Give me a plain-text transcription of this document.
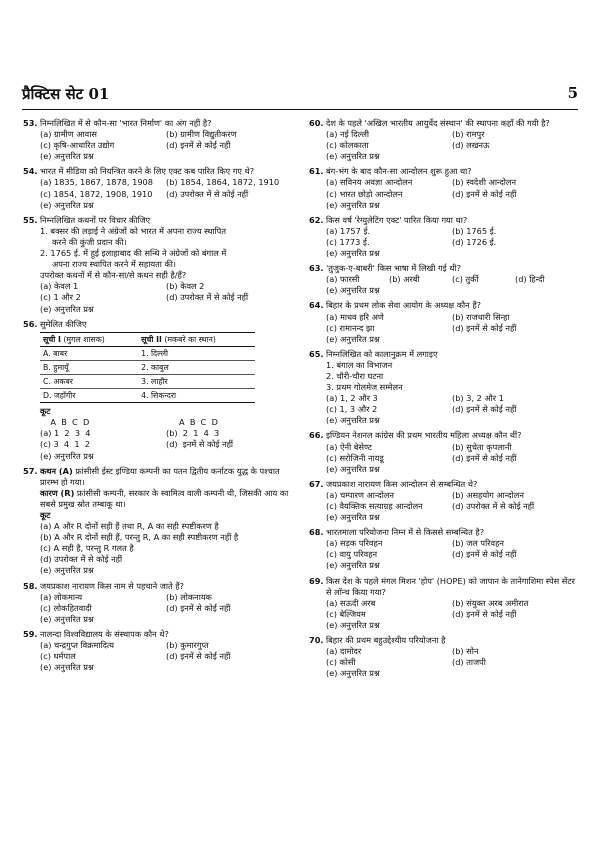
प्रैक्टिस सेट 01	5
53. निम्नलिखित में से कौन-सा 'भारत निर्माण' का अंग नहीं है?
(a) ग्रामीण आवास	(b) ग्रामीण विद्युतीकरण
(c) कृषि-आधारित उद्योग	(d) इनमें से कोई नहीं
(e) अनुत्तरित प्रश्न
54. भारत में मीडिया को नियन्त्रित करने के लिए एक्ट कब पारित किए गए थे?
(a) 1835, 1867, 1878, 1908	(b) 1854, 1864, 1872, 1910
(c) 1854, 1872, 1908, 1910	(d) उपरोक्त में से कोई नहीं
(e) अनुत्तरित प्रश्न
55. निम्नलिखित कथनों पर विचार कीजिए
1. बक्सर की लड़ाई ने अंग्रेजों को भारत में अपना राज्य स्थापित
करने की कुंजी प्रदान की।
2. 1765 ई. में हुई इलाहाबाद की सन्धि ने अंग्रेजों को बंगाल में
अपना राज्य स्थापित करने में सहायता की।
उपरोक्त कथनों में से कौन-सा/से कथन सही है/हैं?
(a) केवल 1	(b) केवल 2
(c) 1 और 2	(d) उपरोक्त में से कोई नहीं
(e) अनुत्तरित प्रश्न
56. सुमेलित कीजिए
सूची I (मुगल शासक)	सूची II (मकबरे का स्थान)
A. बाबर	1. दिल्ली
B. हुमायूँ	2. काबुल
C. अकबर	3. लाहौर
D. जहाँगीर	4. सिकन्दरा
कूट
A  B  C  D	A  B  C  D
(a) 1  2  3  4	(b)  2  1  4  3
(c) 3  4  1  2	(d)  इनमें से कोई नहीं
(e) अनुत्तरित प्रश्न
57. कथन (A) फ्रांसीसी ईस्ट इण्डिया कम्पनी का पतन द्वितीय कर्नाटक युद्ध के पश्चात प्रारम्भ हो गया।
कारण (R) फ्रांसीसी कम्पनी, सरकार के स्वामित्व वाली कम्पनी थी, जिसकी आय का सबसे प्रमुख स्रोत तम्बाकू था।
कूट
(a) A और R दोनों सही हैं तथा R, A का सही स्पष्टीकरण है
(b) A और R दोनों सही हैं, परन्तु R, A का सही स्पष्टीकरण नहीं है
(c) A सही है, परन्तु R गलत है
(d) उपरोक्त में से कोई नहीं
(e) अनुत्तरित प्रश्न
58. जयप्रकाश नारायण किस नाम से पहचाने जाते हैं?
(a) लोकमान्य	(b) लोकनायक
(c) लोकहितवादी	(d) इनमें से कोई नहीं
(e) अनुत्तरित प्रश्न
59. नालन्दा विश्वविद्यालय के संस्थापक कौन थे?
(a) चन्द्रगुप्त विक्रमादित्य	(b) कुमारगुप्त
(c) धर्मपाल	(d) इनमें से कोई नहीं
(e) अनुत्तरित प्रश्न
60. देश के पहले 'अखिल भारतीय आयुर्वेद संस्थान' की स्थापना कहाँ की गयी है?
(a) नई दिल्ली	(b) रामपुर
(c) कोलकाता	(d) लखनऊ
(e) अनुत्तरित प्रश्न
61. बंग-भंग के बाद कौन-सा आन्दोलन शुरू हुआ था?
(a) सविनय अवज्ञा आन्दोलन	(b) स्वदेशी आन्दोलन
(c) भारत छोड़ो आन्दोलन	(d) इनमें से कोई नहीं
(e) अनुत्तरित प्रश्न
62. किस वर्ष 'रेग्युलेटिंग एक्ट' पारित किया गया था?
(a) 1757 ई.	(b) 1765 ई.
(c) 1773 ई.	(d) 1726 ई.
(e) अनुत्तरित प्रश्न
63. 'तुजुक-ए-बाबरी' किस भाषा में लिखी गई थी?
(a) फारसी	(b) अरबी	(c) तुर्की	(d) हिन्दी
(e) अनुत्तरित प्रश्न
64. बिहार के प्रथम लोक सेवा आयोग के अध्यक्ष कौन हैं?
(a) माधव हरि अणे	(b) राजधारी सिन्हा
(c) रामानन्द झा	(d) इनमें से कोई नहीं
(e) अनुत्तरित प्रश्न
65. निम्नलिखित को कालानुक्रम में लगाइए
1. बंगाल का विभाजन
2. चौरी-चौरा घटना
3. प्रथम गोलमेज सम्मेलन
(a) 1, 2 और 3	(b) 3, 2 और 1
(c) 1, 3 और 2	(d) इनमें से कोई नहीं
(e) अनुत्तरित प्रश्न
66. इण्डियन नेशनल कांग्रेस की प्रथम भारतीय महिला अध्यक्ष कौन थीं?
(a) ऐनी बेसेण्ट	(b) सुचेता कृपलानी
(c) सरोजिनी नायडू	(d) इनमें से कोई नहीं
(e) अनुत्तरित प्रश्न
67. जयप्रकाश नारायण किस आन्दोलन से सम्बन्धित थे?
(a) चम्पारण आन्दोलन	(b) असहयोग आन्दोलन
(c) वैयक्तिक सत्याग्रह आन्दोलन	(d) उपरोक्त में से कोई नहीं
(e) अनुत्तरित प्रश्न
68. भारतमाला परियोजना निम्न में से किससे सम्बन्धित है?
(a) सड़क परिवहन	(b) जल परिवहन
(c) वायु परिवहन	(d) इनमें से कोई नहीं
(e) अनुत्तरित प्रश्न
69. किस देश के पहले मंगल मिशन 'होप' (HOPE) को जापान के तानेगाशिमा स्पेस सेंटर से लॉन्च किया गया?
(a) सऊदी अरब	(b) संयुक्त अरब अमीरात
(c) बेल्जियम	(d) इनमें से कोई नहीं
(e) अनुत्तरित प्रश्न
70. बिहार की प्रथम बहुउद्देश्यीय परियोजना है
(a) दामोदर	(b) सोन
(c) कोसी	(d) ताजपी
(e) अनुत्तरित प्रश्न
